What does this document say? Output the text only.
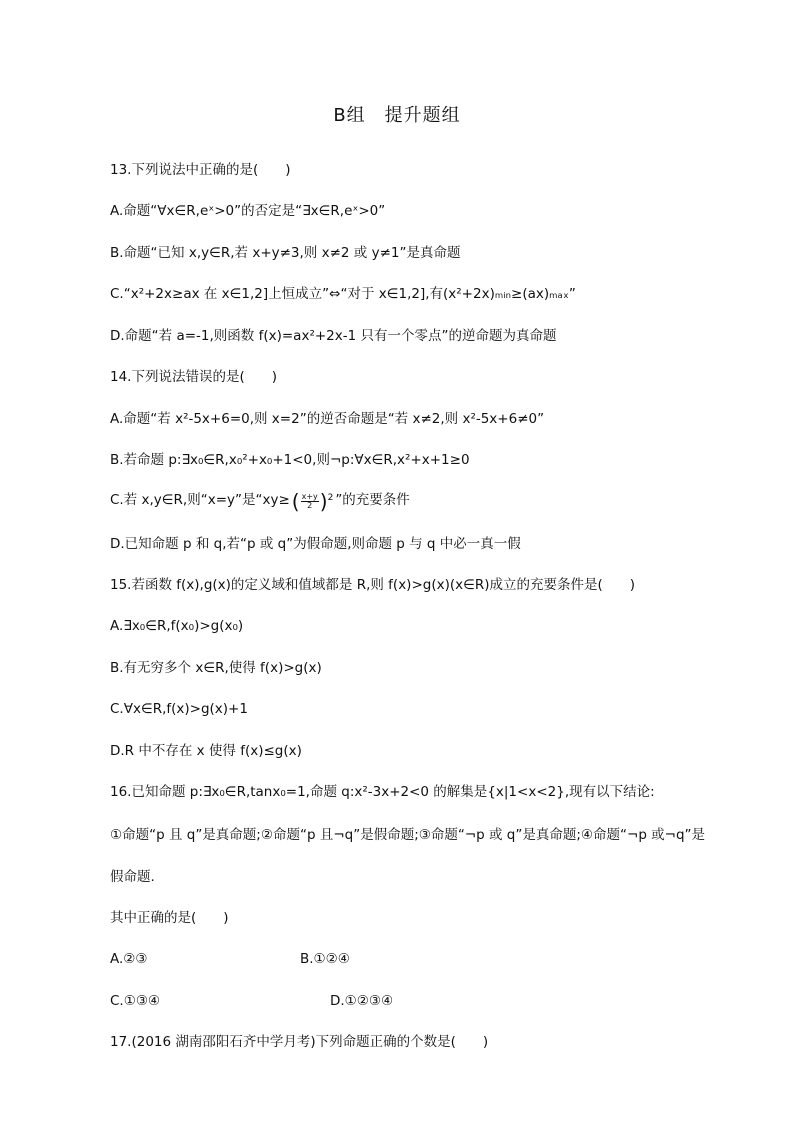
B组　提升题组
13.下列说法中正确的是(　　)
A.命题“∀x∈R,eˣ>0”的否定是“∃x∈R,eˣ>0”
B.命题“已知 x,y∈R,若 x+y≠3,则 x≠2 或 y≠1”是真命题
C.“x²+2x≥ax 在 x∈1,2]上恒成立”⇔“对于 x∈1,2],有(x²+2x)ₘᵢₙ≥(ax)ₘₐₓ”
D.命题“若 a=-1,则函数 f(x)=ax²+2x-1 只有一个零点”的逆命题为真命题
14.下列说法错误的是(　　)
A.命题“若 x²-5x+6=0,则 x=2”的逆否命题是“若 x≠2,则 x²-5x+6≠0”
B.若命题 p:∃x₀∈R,x₀²+x₀+1<0,则¬p:∀x∈R,x²+x+1≥0
C.若 x,y∈R,则“x=y”是“xy≥ ( $\frac{x+y}{2} )^2$ ”的充要条件
D.已知命题 p 和 q,若“p 或 q”为假命题,则命题 p 与 q 中必一真一假
15.若函数 f(x),g(x)的定义域和值域都是 R,则 f(x)>g(x)(x∈R)成立的充要条件是(　　)
A.∃x₀∈R,f(x₀)>g(x₀)
B.有无穷多个 x∈R,使得 f(x)>g(x)
C.∀x∈R,f(x)>g(x)+1
D.R 中不存在 x 使得 f(x)≤g(x)
16.已知命题 p:∃x₀∈R,tanx₀=1,命题 q:x²-3x+2<0 的解集是{x|1<x<2},现有以下结论:
①命题“p 且 q”是真命题;②命题“p 且¬q”是假命题;③命题“¬p 或 q”是真命题;④命题“¬p 或¬q”是
假命题.
其中正确的是(　　)
A.②③	B.①②④
C.①③④	D.①②③④
17.(2016 湖南邵阳石齐中学月考)下列命题正确的个数是(　　)
